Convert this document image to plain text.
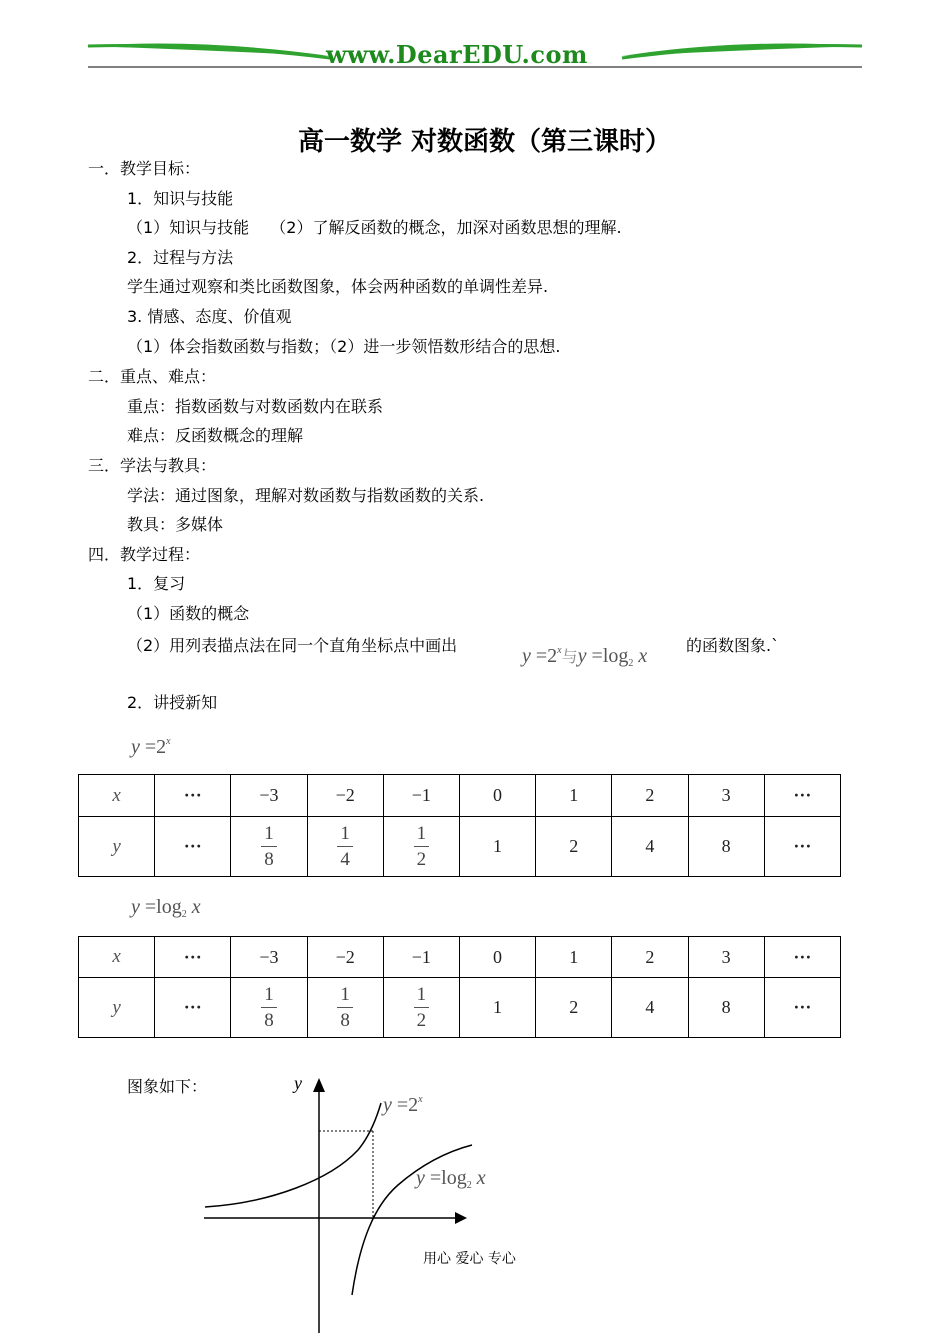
www.DearEDU.com
高一数学 对数函数（第三课时）
一．教学目标：
1．知识与技能
（1）知识与技能　 （2）了解反函数的概念，加深对函数思想的理解.
2．过程与方法
学生通过观察和类比函数图象，体会两种函数的单调性差异.
3. 情感、态度、价值观
（1）体会指数函数与指数；（2）进一步领悟数形结合的思想.
二．重点、难点：
重点：指数函数与对数函数内在联系
难点：反函数概念的理解
三．学法与教具：
学法：通过图象，理解对数函数与指数函数的关系.
教具：多媒体
四．教学过程：
1．复习
（1）函数的概念
（2）用列表描点法在同一个直角坐标点中画出	$y =2^x$与$y =\log_2$ x 的函数图象.`
2．讲授新知
$y =2^x$
x	···	−3	−2	−1	0	1	2	3	···
y	···	$\frac{1}{8}$	$\frac{1}{4}$	$\frac{1}{2}$	1	2	4	8	···
$y =\log_2$ x
x	···	−3	−2	−1	0	1	2	3	···
y	···	$\frac{1}{8}$	$\frac{1}{8}$	$\frac{1}{2}$	1	2	4	8	···
图象如下：	y
$y =2^x$
$y =\log_2$ x
用心 爱心 专心
